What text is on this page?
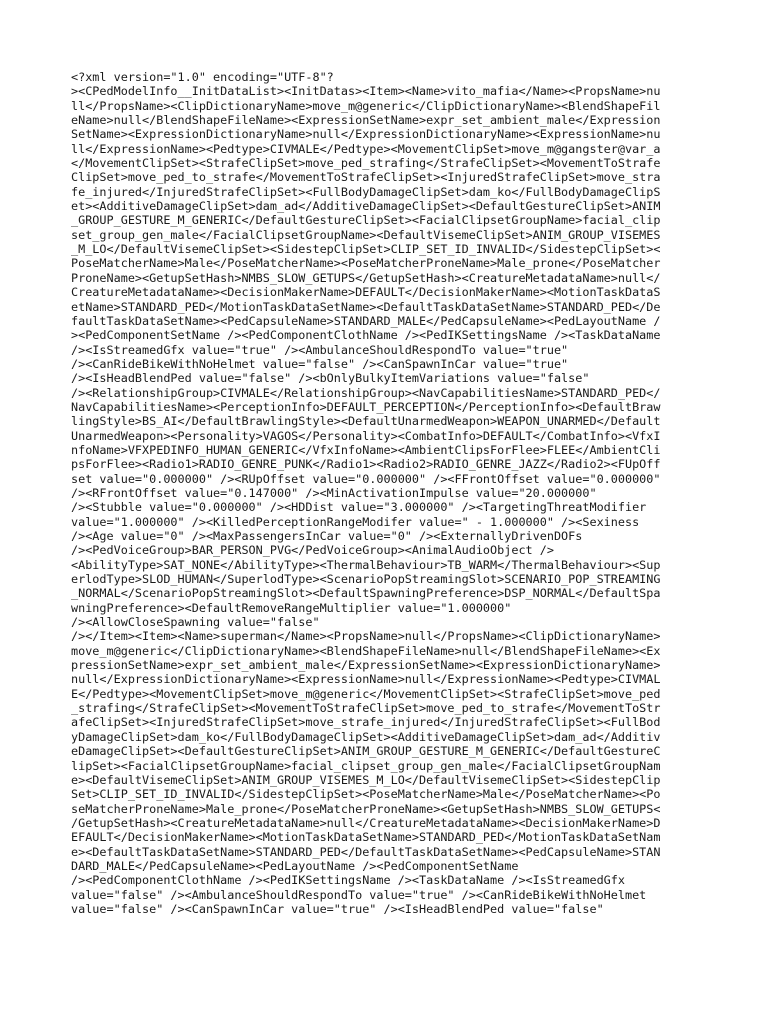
<?xml version="1.0" encoding="UTF-8"?
><CPedModelInfo__InitDataList><InitDatas><Item><Name>vito_mafia</Name><PropsName>nu
ll</PropsName><ClipDictionaryName>move_m@generic</ClipDictionaryName><BlendShapeFil
eName>null</BlendShapeFileName><ExpressionSetName>expr_set_ambient_male</Expression
SetName><ExpressionDictionaryName>null</ExpressionDictionaryName><ExpressionName>nu
ll</ExpressionName><Pedtype>CIVMALE</Pedtype><MovementClipSet>move_m@gangster@var_a
</MovementClipSet><StrafeClipSet>move_ped_strafing</StrafeClipSet><MovementToStrafe
ClipSet>move_ped_to_strafe</MovementToStrafeClipSet><InjuredStrafeClipSet>move_stra
fe_injured</InjuredStrafeClipSet><FullBodyDamageClipSet>dam_ko</FullBodyDamageClipS
et><AdditiveDamageClipSet>dam_ad</AdditiveDamageClipSet><DefaultGestureClipSet>ANIM
_GROUP_GESTURE_M_GENERIC</DefaultGestureClipSet><FacialClipsetGroupName>facial_clip
set_group_gen_male</FacialClipsetGroupName><DefaultVisemeClipSet>ANIM_GROUP_VISEMES
_M_LO</DefaultVisemeClipSet><SidestepClipSet>CLIP_SET_ID_INVALID</SidestepClipSet><
PoseMatcherName>Male</PoseMatcherName><PoseMatcherProneName>Male_prone</PoseMatcher
ProneName><GetupSetHash>NMBS_SLOW_GETUPS</GetupSetHash><CreatureMetadataName>null</
CreatureMetadataName><DecisionMakerName>DEFAULT</DecisionMakerName><MotionTaskDataS
etName>STANDARD_PED</MotionTaskDataSetName><DefaultTaskDataSetName>STANDARD_PED</De
faultTaskDataSetName><PedCapsuleName>STANDARD_MALE</PedCapsuleName><PedLayoutName /
><PedComponentSetName /><PedComponentClothName /><PedIKSettingsName /><TaskDataName
/><IsStreamedGfx value="true" /><AmbulanceShouldRespondTo value="true"
/><CanRideBikeWithNoHelmet value="false" /><CanSpawnInCar value="true"
/><IsHeadBlendPed value="false" /><bOnlyBulkyItemVariations value="false"
/><RelationshipGroup>CIVMALE</RelationshipGroup><NavCapabilitiesName>STANDARD_PED</
NavCapabilitiesName><PerceptionInfo>DEFAULT_PERCEPTION</PerceptionInfo><DefaultBraw
lingStyle>BS_AI</DefaultBrawlingStyle><DefaultUnarmedWeapon>WEAPON_UNARMED</Default
UnarmedWeapon><Personality>VAGOS</Personality><CombatInfo>DEFAULT</CombatInfo><VfxI
nfoName>VFXPEDINFO_HUMAN_GENERIC</VfxInfoName><AmbientClipsForFlee>FLEE</AmbientCli
psForFlee><Radio1>RADIO_GENRE_PUNK</Radio1><Radio2>RADIO_GENRE_JAZZ</Radio2><FUpOff
set value="0.000000" /><RUpOffset value="0.000000" /><FFrontOffset value="0.000000"
/><RFrontOffset value="0.147000" /><MinActivationImpulse value="20.000000"
/><Stubble value="0.000000" /><HDDist value="3.000000" /><TargetingThreatModifier
value="1.000000" /><KilledPerceptionRangeModifer value=" - 1.000000" /><Sexiness
/><Age value="0" /><MaxPassengersInCar value="0" /><ExternallyDrivenDOFs
/><PedVoiceGroup>BAR_PERSON_PVG</PedVoiceGroup><AnimalAudioObject />
<AbilityType>SAT_NONE</AbilityType><ThermalBehaviour>TB_WARM</ThermalBehaviour><Sup
erlodType>SLOD_HUMAN</SuperlodType><ScenarioPopStreamingSlot>SCENARIO_POP_STREAMING
_NORMAL</ScenarioPopStreamingSlot><DefaultSpawningPreference>DSP_NORMAL</DefaultSpa
wningPreference><DefaultRemoveRangeMultiplier value="1.000000"
/><AllowCloseSpawning value="false"
/></Item><Item><Name>superman</Name><PropsName>null</PropsName><ClipDictionaryName>
move_m@generic</ClipDictionaryName><BlendShapeFileName>null</BlendShapeFileName><Ex
pressionSetName>expr_set_ambient_male</ExpressionSetName><ExpressionDictionaryName>
null</ExpressionDictionaryName><ExpressionName>null</ExpressionName><Pedtype>CIVMAL
E</Pedtype><MovementClipSet>move_m@generic</MovementClipSet><StrafeClipSet>move_ped
_strafing</StrafeClipSet><MovementToStrafeClipSet>move_ped_to_strafe</MovementToStr
afeClipSet><InjuredStrafeClipSet>move_strafe_injured</InjuredStrafeClipSet><FullBod
yDamageClipSet>dam_ko</FullBodyDamageClipSet><AdditiveDamageClipSet>dam_ad</Additiv
eDamageClipSet><DefaultGestureClipSet>ANIM_GROUP_GESTURE_M_GENERIC</DefaultGestureC
lipSet><FacialClipsetGroupName>facial_clipset_group_gen_male</FacialClipsetGroupNam
e><DefaultVisemeClipSet>ANIM_GROUP_VISEMES_M_LO</DefaultVisemeClipSet><SidestepClip
Set>CLIP_SET_ID_INVALID</SidestepClipSet><PoseMatcherName>Male</PoseMatcherName><Po
seMatcherProneName>Male_prone</PoseMatcherProneName><GetupSetHash>NMBS_SLOW_GETUPS<
/GetupSetHash><CreatureMetadataName>null</CreatureMetadataName><DecisionMakerName>D
EFAULT</DecisionMakerName><MotionTaskDataSetName>STANDARD_PED</MotionTaskDataSetNam
e><DefaultTaskDataSetName>STANDARD_PED</DefaultTaskDataSetName><PedCapsuleName>STAN
DARD_MALE</PedCapsuleName><PedLayoutName /><PedComponentSetName
/><PedComponentClothName /><PedIKSettingsName /><TaskDataName /><IsStreamedGfx
value="false" /><AmbulanceShouldRespondTo value="true" /><CanRideBikeWithNoHelmet
value="false" /><CanSpawnInCar value="true" /><IsHeadBlendPed value="false"
